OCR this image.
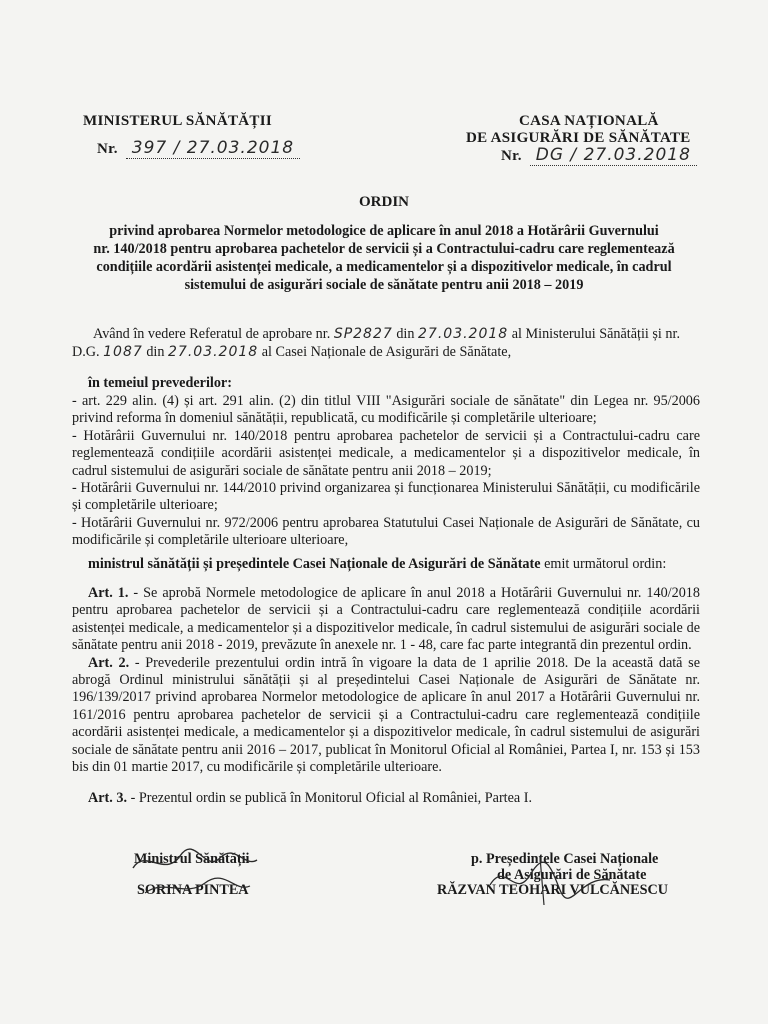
MINISTERUL SĂNĂTĂȚII
Nr. 397 / 27.03.2018
CASA NAȚIONALĂ
DE ASIGURĂRI DE SĂNĂTATE
Nr. DG / 27.03.2018
ORDIN
privind aprobarea Normelor metodologice de aplicare în anul 2018 a Hotărârii Guvernului
nr. 140/2018 pentru aprobarea pachetelor de servicii și a Contractului-cadru care reglementează
condițiile acordării asistenței medicale, a medicamentelor și a dispozitivelor medicale, în cadrul
sistemului de asigurări sociale de sănătate pentru anii 2018 – 2019
Având în vedere Referatul de aprobare nr. SP2827 din 27.03.2018 al Ministerului Sănătății și nr.
D.G. 1087 din 27.03.2018 al Casei Naționale de Asigurări de Sănătate,
în temeiul prevederilor:
- art. 229 alin. (4) și art. 291 alin. (2) din titlul VIII "Asigurări sociale de sănătate" din Legea nr. 95/2006 privind reforma în domeniul sănătății, republicată, cu modificările și completările ulterioare;
- Hotărârii Guvernului nr. 140/2018 pentru aprobarea pachetelor de servicii și a Contractului-cadru care reglementează condițiile acordării asistenței medicale, a medicamentelor și a dispozitivelor medicale, în cadrul sistemului de asigurări sociale de sănătate pentru anii 2018 – 2019;
- Hotărârii Guvernului nr. 144/2010 privind organizarea și funcționarea Ministerului Sănătății, cu modificările și completările ulterioare;
- Hotărârii Guvernului nr. 972/2006 pentru aprobarea Statutului Casei Naționale de Asigurări de Sănătate, cu modificările și completările ulterioare ulterioare,
ministrul sănătății și președintele Casei Naționale de Asigurări de Sănătate emit următorul ordin:
Art. 1. - Se aprobă Normele metodologice de aplicare în anul 2018 a Hotărârii Guvernului nr. 140/2018 pentru aprobarea pachetelor de servicii și a Contractului-cadru care reglementează condițiile acordării asistenței medicale, a medicamentelor și a dispozitivelor medicale, în cadrul sistemului de asigurări sociale de sănătate pentru anii 2018 - 2019, prevăzute în anexele nr. 1 - 48, care fac parte integrantă din prezentul ordin.
Art. 2. - Prevederile prezentului ordin intră în vigoare la data de 1 aprilie 2018. De la această dată se abrogă Ordinul ministrului sănătății și al președintelui Casei Naționale de Asigurări de Sănătate nr. 196/139/2017 privind aprobarea Normelor metodologice de aplicare în anul 2017 a Hotărârii Guvernului nr. 161/2016 pentru aprobarea pachetelor de servicii și a Contractului-cadru care reglementează condițiile acordării asistenței medicale, a medicamentelor și a dispozitivelor medicale, în cadrul sistemului de asigurări sociale de sănătate pentru anii 2016 – 2017, publicat în Monitorul Oficial al României, Partea I, nr. 153 și 153 bis din 01 martie 2017, cu modificările și completările ulterioare.
Art. 3. - Prezentul ordin se publică în Monitorul Oficial al României, Partea I.
Ministrul Sănătății
SORINA PINTEA
p. Președintele Casei Naționale
de Asigurări de Sănătate
RĂZVAN TEOHARI VULCĂNESCU
